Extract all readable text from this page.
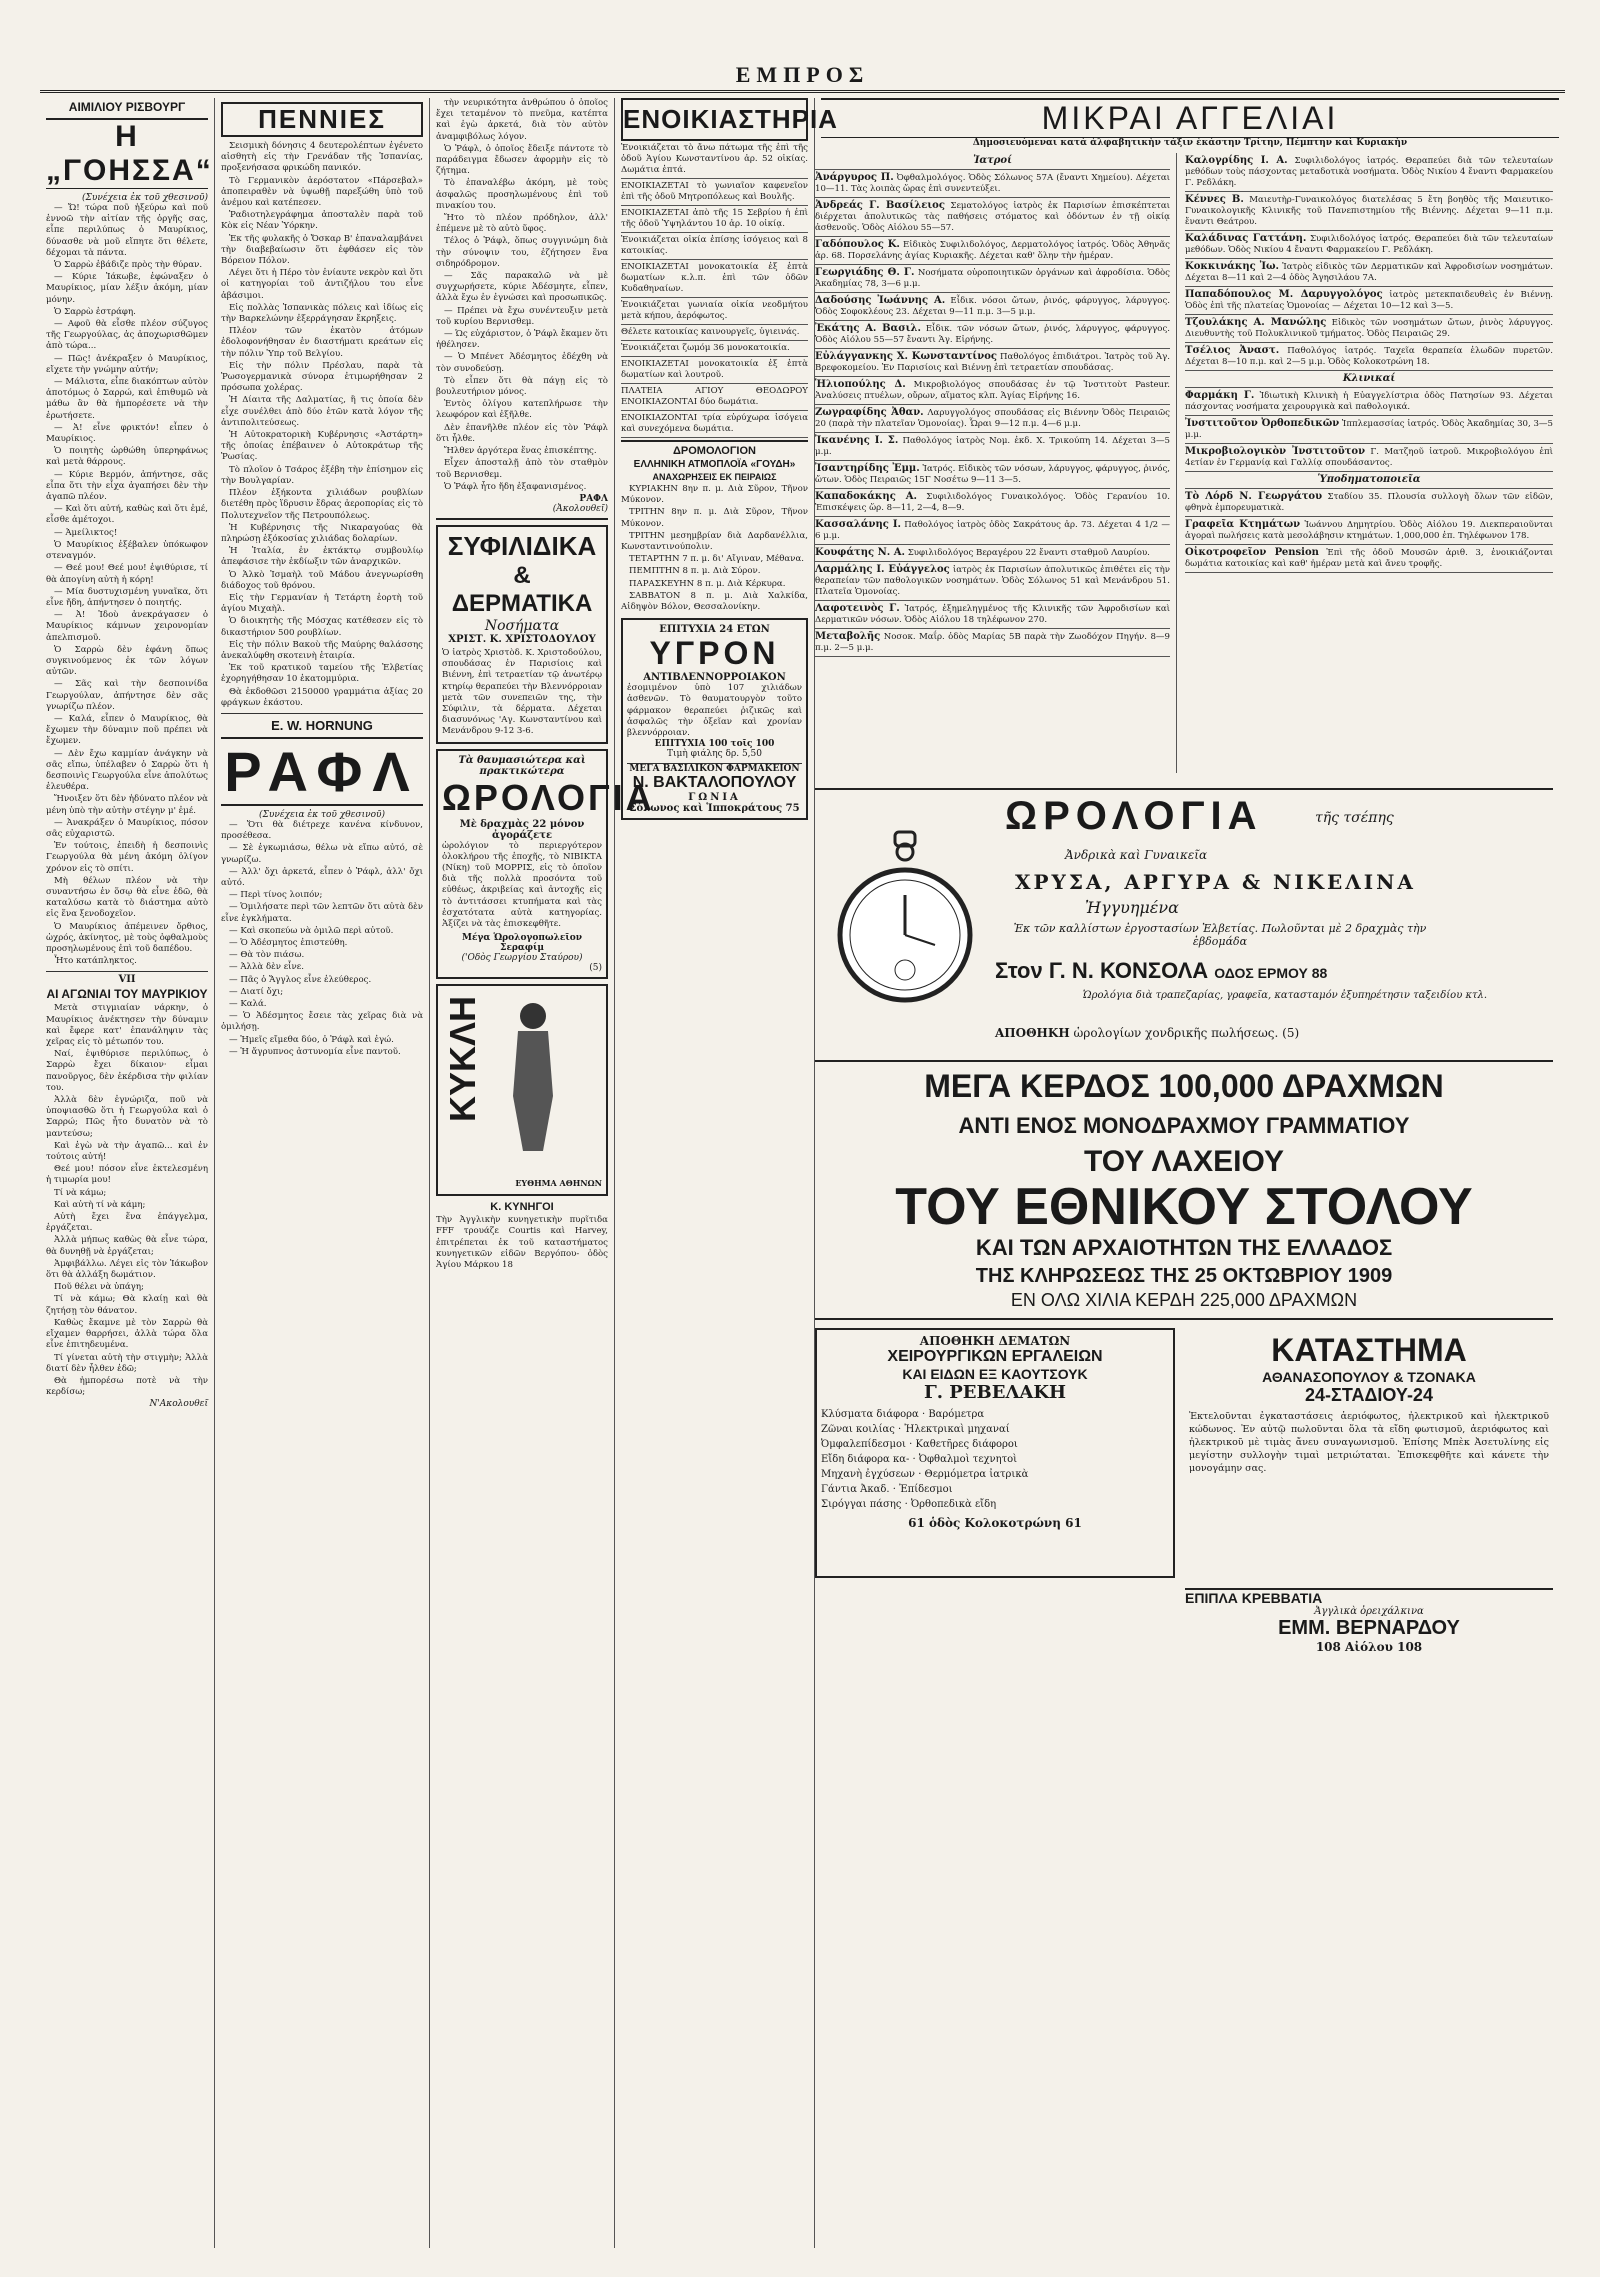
ΕΜΠΡΟΣ
ΑΙΜΙΛΙΟΥ ΡΙΣΒΟΥΡΓ
Η „ΓΟΗΣΣΑ“
(Συνέχεια ἐκ τοῦ χθεσινοῦ)

— Ὤ! τώρα ποῦ ἠξεύρω καὶ ποῦ ἐννοῶ τὴν αἰτίαν τῆς ὀργῆς σας, εἶπε περιλύπως ὁ Μαυρίκιος, δύνασθε νὰ μοῦ εἴπητε ὅτι θέλετε, δέχομαι τὰ πάντα.

Ὁ Σαρρὼ ἐβάδιζε πρὸς τὴν θύραν.

— Κύριε Ἰάκωβε, ἐφώναξεν ὁ Μαυρίκιος, μίαν λέξιν ἀκόμη, μίαν μόνην.

Ὁ Σαρρὼ ἐστράφη.

— Αφοῦ θὰ εἶσθε πλέον σύζυγος τῆς Γεωργούλας, ἀς ἀποχωρισθῶμεν ἀπὸ τώρα...

— Πῶς! ἀνέκραξεν ὁ Μαυρίκιος, εἴχετε τὴν γνώμην αὐτήν;

— Μάλιστα, εἶπε διακόπτων αὐτὸν ἀποτόμως ὁ Σαρρώ, καὶ ἐπιθυμῶ νὰ μάθω ἂν θὰ ἠμπορέσετε νὰ τὴν ἐρωτήσετε.

— Ἀ! εἶνε φρικτόν! εἶπεν ὁ Μαυρίκιος.

Ὁ ποιητὴς ὠρθώθη ὑπερηφάνως καὶ μετὰ θάρρους.

— Κύριε Βερμόν, ἀπήντησε, σᾶς εἶπα ὅτι τὴν εἶχα ἀγαπήσει δὲν τὴν ἀγαπῶ πλέον.

— Καὶ ὅτι αὐτή, καθὼς καὶ ὅτι ἐμέ, εἶσθε ἀμέτοχοι.

— Ἀμείλικτος!

Ὁ Μαυρίκιος ἐξέβαλεν ὑπόκωφον στεναγμόν.

— Θεέ μου! Θεέ μου! ἐψιθύρισε, τί θὰ ἀπογίνη αὐτὴ ἡ κόρη!

— Μία δυστυχισμένη γυναῖκα, ὅτι εἶνε ἤδη, ἀπήντησεν ὁ ποιητής.

— Ἀ! Ἰδοὺ ἀνεκράγασεν ὁ Μαυρίκιος κάμνων χειρονομίαν ἀπελπισμοῦ.

Ὁ Σαρρὼ δὲν ἐφάνη ὅπως συγκινούμενος ἐκ τῶν λόγων αὐτῶν.

— Σᾶς καὶ τὴν δεσποινίδα Γεωργούλαν, ἀπήντησε δὲν σᾶς γνωρίζω πλέον.

— Καλά, εἶπεν ὁ Μαυρίκιος, θὰ ἔχωμεν τὴν δύναμιν ποῦ πρέπει νὰ ἔχωμεν.

— Δὲν ἔχω καμμίαν ἀνάγκην νὰ σᾶς εἴπω, ὑπέλαβεν ὁ Σαρρὼ ὅτι ἡ δεσποινὶς Γεωργούλα εἶνε ἀπολύτως ἐλευθέρα.

Ἤνοιξεν ὅτι δὲν ἠδύνατο πλέον νὰ μένη ὑπὸ τὴν αὐτὴν στέγην μ' ἐμέ.

— Ἀνακράξεν ὁ Μαυρίκιος, πόσον σᾶς εὐχαριστῶ.

Ἐν τούτοις, ἐπειδὴ ἡ δεσποινὶς Γεωργούλα θὰ μένη ἀκόμη ὀλίγον χρόνον εἰς τὸ σπίτι.

Μὴ θέλων πλέον νὰ τὴν συναντήσω ἐν ὅσῳ θὰ εἶνε ἐδῶ, θὰ καταλύσω κατὰ τὸ διάστημα αὐτὸ εἰς ἕνα ξενοδοχεῖον.

Ὁ Μαυρίκιος ἀπέμεινεν ὄρθιος, ὠχρός, ἀκίνητος, μὲ τοὺς ὀφθαλμοὺς προσηλωμένους ἐπὶ τοῦ δαπέδου.

Ἦτο κατάπληκτος.

VII
ΑΙ ΑΓΩΝΙΑΙ ΤΟΥ ΜΑΥΡΙΚΙΟΥ

Μετὰ στιγμιαίαν νάρκην, ὁ Μαυρίκιος ἀνέκτησεν τὴν δύναμιν καὶ ἔφερε κατ' ἐπανάληψιν τὰς χεῖρας εἰς τὸ μέτωπόν του.

Ναί, ἐψιθύρισε περιλύπως, ὁ Σαρρὼ ἔχει δίκαιον· εἶμαι πανοῦργος, δὲν ἐκέρδισα τὴν φιλίαν του.

Ἀλλὰ δὲν ἐγνώριζα, ποῦ νὰ ὑποψιασθῶ ὅτι ἡ Γεωργούλα καὶ ὁ Σαρρώ; Πῶς ἦτο δυνατὸν νὰ τὸ μαντεύσω;

Καὶ ἐγὼ νὰ τὴν ἀγαπῶ... καὶ ἐν τούτοις αὐτή!

Θεέ μου! πόσον εἶνε ἐκτελεσμένη ἡ τιμωρία μου!

Τί νὰ κάμω;

Καὶ αὐτὴ τί νὰ κάμη;

Αὐτὴ ἔχει ἕνα ἐπάγγελμα, ἐργάζεται.

Ἀλλὰ μήπως καθὼς θὰ εἶνε τώρα, θὰ δυνηθῇ νὰ ἐργάζεται;

Ἀμφιβάλλω. Λέγει εἰς τὸν Ἰάκωβον ὅτι θὰ ἀλλάξη δωμάτιον.

Ποῦ θέλει νὰ ὑπάγη;

Τί νὰ κάμω; Θὰ κλαίῃ καὶ θὰ ζητήσῃ τὸν θάνατον.

Καθὼς ἔκαμνε μὲ τὸν Σαρρὼ θὰ εἴχαμεν θαρρήσει, ἀλλὰ τώρα ὅλα εἶνε ἐπιτηδευμένα.

Τί γίνεται αὐτὴ τὴν στιγμὴν; Ἀλλὰ διατί δὲν ἦλθεν ἐδῶ;

Θὰ ἠμπορέσω ποτὲ νὰ τὴν κερδίσω;

Ν'Ακολουθεῖ
ΠΕΝΝΙΕΣ

Σεισμικὴ δόνησις 4 δευτερολέπτων ἐγένετο αἰσθητὴ εἰς τὴν Γρενάδαν τῆς Ἱσπανίας, προξενήσασα φρικώδη πανικόν.

Τὸ Γερμανικὸν ἀερόστατον «Πάρσεβαλ» ἀποπειραθὲν νὰ ὑψωθῇ παρεξώθη ὑπὸ τοῦ ἀνέμου καὶ κατέπεσεν.

Ῥαδιοτηλεγράφημα ἀποσταλὲν παρὰ τοῦ Κὸκ εἰς Νέαν Ὑόρκην.

Ἐκ τῆς φυλακῆς ὁ Ὄσκαρ Β' ἐπαναλαμβάνει τὴν διαβεβαίωσιν ὅτι ἐφθάσεν εἰς τὸν Βόρειον Πόλον.

Λέγει ὅτι ἡ Πέρο τὸν ἐνίαυτε νεκρὸν καὶ ὅτι οἱ κατηγορίαι τοῦ ἀντιζήλου του εἶνε ἀβάσιμοι.

Εἰς πολλὰς Ἱσπανικὰς πόλεις καὶ ἰδίως εἰς τὴν Βαρκελώνην ἐξερράγησαν ἔκρηξεις.

Πλέον τῶν ἑκατὸν ἀτόμων ἐδολοφονήθησαν ἐν διαστήματι κρεάτων εἰς τὴν πόλιν Ὑπρ τοῦ Βελγίου.

Εἰς τὴν πόλιν Πρέσλαυ, παρὰ τὰ Ῥωσογερμανικὰ σύνορα ἐτιμωρήθησαν 2 πρόσωπα χολέρας.

Ἡ Δίαιτα τῆς Δαλματίας, ἣ τις ὁποία δὲν εἶχε συνέλθει ἀπὸ δύο ἐτῶν κατὰ λόγον τῆς ἀντιπολιτεύσεως.

Ἡ Αὐτοκρατορικὴ Κυβέρνησις «Ἀστάρτη» τῆς ὁποίας ἐπέβαινεν ὁ Αὐτοκράτωρ τῆς Ῥωσίας.

Τὸ πλοῖον ὁ Τσάρος ἐξέβη τὴν ἐπίσημον εἰς τὴν Βουλγαρίαν.

Πλέον ἑξήκοντα χιλιάδων ρουβλίων διετέθη πρὸς ἵδρυσιν ἔδρας ἀεροπορίας εἰς τὸ Πολυτεχνεῖον τῆς Πετρουπόλεως.

Ἡ Κυβέρνησις τῆς Νικαραγούας θὰ πληρώσῃ ἐξόκοσίας χιλιάδας δολαρίων.

Ἡ Ἰταλία, ἐν ἐκτάκτῳ συμβουλίῳ ἀπεφάσισε τὴν ἐκδίωξιν τῶν ἀναρχικῶν.

Ὁ Ἀλκὸ Ἰσμαὴλ τοῦ Μάδου ἀνεγνωρίσθη διάδοχος τοῦ θρόνου.

Εἰς τὴν Γερμανίαν ἡ Τετάρτη ἑορτὴ τοῦ ἁγίου Μιχαὴλ.

Ὁ διοικητὴς τῆς Μόσχας κατέθεσεν εἰς τὸ δικαστήριον 500 ρουβλίων.

Εἰς τὴν πόλιν Βακοὺ τῆς Μαύρης θαλάσσης ἀνεκαλύφθη σκοτεινὴ ἑταιρία.

Ἐκ τοῦ κρατικοῦ ταμείου τῆς Ἑλβετίας ἐχορηγήθησαν 10 ἑκατομμύρια.

Θὰ ἐκδοθῶσι 2150000 γραμμάτια ἀξίας 20 φράγκων ἑκάστου.

E. W. HORNUNG
ΡΑΦΛ
(Συνέχεια ἐκ τοῦ χθεσινοῦ)

— Ὅτι θὰ διέτρεχε κανένα κίνδυνον, προσέθεσα.

— Σὲ ἐγκωμιάσω, θέλω νὰ εἴπω αὐτό, σὲ γνωρίζω.

— Ἀλλ' ὄχι ἀρκετά, εἶπεν ὁ Ῥάφλ, ἀλλ' ὄχι αὐτό.

— Περὶ τίνος λοιπόν;

— Ὁμιλήσατε περὶ τῶν λεπτῶν ὅτι αὐτὰ δὲν εἶνε ἐγκλήματα.

— Καὶ σκοπεύω νὰ ὁμιλῶ περὶ αὐτοῦ.

— Ὁ Ἀδέσμητος ἐπιστεύθη.

— Θὰ τὸν πιάσω.

— Ἀλλὰ δὲν εἶνε.

— Πᾶς ὁ Ἄγγλος εἶνε ἐλεύθερος.

— Διατί ὄχι;

— Καλά.

— Ὁ Ἀδέσμητος ἔσειε τὰς χεῖρας διὰ νὰ ὁμιλήσῃ.

— Ἡμεῖς εἴμεθα δύο, ὁ Ῥάφλ καὶ ἐγώ.

— Ἡ ἄγρυπνος ἀστυνομία εἶνε παντοῦ.

τὴν νευρικότητα ἀνθρώπου ὁ ὁποῖος ἔχει τεταμένον τὸ πνεῦμα, κατέπτα καὶ ἐγὼ ἀρκετά, διὰ τὸν αὐτὸν ἀναμφιβόλως λόγον.

Ὁ Ῥάφλ, ὁ ὁποῖος ἔδειξε πάντοτε τὸ παράδειγμα ἔδωσεν ἀφορμὴν εἰς τὸ ζήτημα.

Τὸ ἐπαναλέβω ἀκόμη, μὲ τοὺς ἀσφαλῶς προσηλωμένους ἐπὶ τοῦ πινακίου του.

Ἤτο τὸ πλέον πρόδηλον, ἀλλ' ἐπέμενε μὲ τὸ αὐτὸ ὕφος.

Τέλος ὁ Ῥάφλ, ὅπως συγγινώμη διὰ τὴν σύνοψιν του, ἐζήτησεν ἕνα σιδηρόδρομον.

— Σᾶς παρακαλῶ νὰ μὲ συγχωρήσετε, κύριε Ἀδέσμητε, εἶπεν, ἀλλὰ ἔχω ἐν ἐγνώσει καὶ προσωπικῶς.

— Πρέπει νὰ ἔχω συνέντευξιν μετὰ τοῦ κυρίου Βερνισθεμ.

— Ὡς εὐχάριστον, ὁ Ῥάφλ ἔκαμεν ὅτι ἠθέλησεν.

— Ὁ Μπένετ Ἀδέσμητος ἐδέχθη νὰ τὸν συνοδεύσῃ.

Τὸ εἶπεν ὅτι θὰ πάγῃ εἰς τὸ βουλευτήριον μόνος.

Ἐντὸς ὀλίγου κατεπλήρωσε τὴν λεωφόρον καὶ ἐξῆλθε.

Δὲν ἐπανῆλθε πλέον εἰς τὸν Ῥάφλ ὅτι ἦλθε.

Ἤλθεν ἀργότερα ἕνας ἐπισκέπτης.

Εἶχεν ἀποσταλῇ ἀπὸ τὸν σταθμὸν τοῦ Βερνισθεμ.

Ὁ Ῥάφλ ἦτο ἤδη ἐξαφανισμένος.

ΡΑΦΛ
(Ἀκολουθεῖ)
ΣΥΦΙΛΙΔΙΚΑ
& ΔΕΡΜΑΤΙΚΑ
Νοσήματα
ΧΡΙΣΤ. Κ. ΧΡΙΣΤΟΔΟΥΛΟΥ
Ὁ ἰατρὸς Χριστὸδ. Κ. Χριστοδούλου, σπουδάσας ἐν Παρισίοις καὶ Βιέννη, ἐπὶ τετραετίαν τῷ ἀνωτέρῳ κτηρίῳ θεραπεύει τὴν Βλεννόρροιαν μετὰ τῶν συνεπειῶν της, τὴν Σύφιλιν, τὰ δέρματα. Δέχεται διασυνόνως 'Αγ. Κωνσταντίνου καὶ Μενάνδρου 9-12 3-6.
Τὰ θαυμασιώτερα καὶ πρακτικώτερα
ΩΡΟΛΟΓΙΑ
Μὲ δραχμὰς 22 μόνον ἀγοράζετε
ὡρολόγιον τὸ περιεργότερον ὁλοκλήρου τῆς ἐποχῆς, τὸ ΝΙΒΙΚΤΑ (Νίκη) τοῦ ΜΟΡΡΙΣ, εἰς τὸ ὁποῖον διὰ τῆς πολλὰ προσόντα τοῦ εὐθέως, ἀκριβείας καὶ ἀντοχῆς εἰς τὸ ἀντιτάσσει κτυπήματα καὶ τὰς ἐσχατότατα αὐτὰ κατηγορίας. Ἀξίζει νὰ τὰς ἐπισκεφθῆτε.
Μέγα Ὡρολογοπωλεῖον Σεραφίμ
('Οδὸς Γεωργίου Σταύρου)
(5)
ΚΥΚΛΗ
ΕΥΘΗΜΑ ΑΘΗΝΩΝ
Κ. ΚΥΝΗΓΟΙ
Τὴν Ἀγγλικὴν κυνηγετικὴν πυρῖτιδα FFF τρουάζε Courtis καὶ Harvey, ἐπιτρέπεται ἐκ τοῦ καταστήματος κυνηγετικῶν εἰδῶν Βεργόπου- ὁδὸς Ἁγίου Μάρκου 18
ΕΝΟΙΚΙΑΣΤΗΡΙΑ
Ἐνοικιάζεται τὸ ἄνω πάτωμα τῆς ἐπὶ τῆς ὁδοῦ Ἁγίου Κωνσταντίνου ἀρ. 52 οἰκίας. Δωμάτια ἑπτά.
ΕΝΟΙΚΙΑΖΕΤΑΙ τὸ γωνιαῖον καφενεῖον ἐπὶ τῆς ὁδοῦ Μητροπόλεως καὶ Βουλῆς.
ΕΝΟΙΚΙΑΖΕΤΑΙ ἀπὸ τῆς 15 Σεβρίου ἡ ἐπὶ τῆς ὁδοῦ Ὑψηλάντου 10 ἀρ. 10 οἰκίᾳ.
Ἐνοικιάζεται οἰκία ἐπίσης ἰσόγειος καὶ 8 κατοικίας.
ΕΝΟΙΚΙΑΖΕΤΑΙ μονοκατοικία ἐξ ἑπτὰ δωματίων κ.λ.π. ἐπὶ τῶν ὁδῶν Κυδαθηναίων.
Ἐνοικιάζεται γωνιαία οἰκία νεοδμήτου μετὰ κήπου, ἀερόφωτος.
Θέλετε κατοικίας καινουργεῖς, ὑγιεινάς.
Ἐνοικιάζεται ζωμόμ 36 μονοκατοικία.
ΕΝΟΙΚΙΑΖΕΤΑΙ μονοκατοικία ἐξ ἑπτὰ δωματίων καὶ λουτροῦ.
ΠΛΑΤΕΙΑ ΑΓΙΟΥ ΘΕΟΔΩΡΟΥ ΕΝΟΙΚΙΑΖΟΝΤΑΙ δύο δωμάτια.
ΕΝΟΙΚΙΑΖΟΝΤΑΙ τρία εὐρύχωρα ἰσόγεια καὶ συνεχόμενα δωμάτια.
ΔΡΟΜΟΛΟΓΙΟΝ
ΕΛΛΗΝΙΚΗ ΑΤΜΟΠΛΟΪΑ «ΓΟΥΔΗ»
ΑΝΑΧΩΡΗΣΕΙΣ ΕΚ ΠΕΙΡΑΙΩΣ

ΚΥΡΙΑΚΗΝ 8ην π. μ. Διὰ Σῦρον, Τῆνον Μύκονον.

ΤΡΙΤΗΝ 8ην π. μ. Διὰ Σῦρον, Τῆνον Μύκονον.

ΤΡΙΤΗΝ μεσημβρίαν διὰ Δαρδανέλλια, Κωνσταντινούπολιν.

ΤΕΤΑΡΤΗΝ 7 π. μ. δι' Αἴγιναν, Μέθανα.

ΠΕΜΠΤΗΝ 8 π. μ. Διὰ Σύρον.

ΠΑΡΑΣΚΕΥΗΝ 8 π. μ. Διὰ Κέρκυρα.

ΣΑΒΒΑΤΟΝ 8 π. μ. Διὰ Χαλκίδα, Αἰδηψὸν Βόλον, Θεσσαλονίκην.

ΕΠΙΤΥΧΙΑ 24 ΕΤΩΝ
ΥΓΡΟΝ
ΑΝΤΙΒΛΕΝΝΟΡΡΟΙΑΚΟΝ
ἐσομιμένον ὑπὸ 107 χιλιάδων ἀσθενῶν. Τὸ θαυματουργὸν τοῦτο φάρμακον θεραπεύει ῥιζικῶς καὶ ἀσφαλῶς τὴν ὀξεῖαν καὶ χρονίαν βλεννόρροιαν.
ΕΠΙΤΥΧΙΑ 100 τοῖς 100
Τιμὴ φιάλης δρ. 5,50
ΜΕΓΑ ΒΑΣΙΛΙΚΟΝ ΦΑΡΜΑΚΕΙΟΝ
Ν. ΒΑΚΤΑΛΟΠΟΥΛΟΥ
ΓΩΝΙΑ
Σόλωνος καὶ Ἱπποκράτους 75
ΜΙΚΡΑΙ ΑΓΓΕΛΙΑΙ
Δημοσιευόμεναι κατὰ ἀλφαβητικὴν τάξιν ἑκάστην Τρίτην, Πέμπτην καὶ Κυριακὴν
Ἰατροί
Ἀνάργυρος Π. Ὀφθαλμολόγος. Ὁδὸς Σόλωνος 57Α (ἔναντι Χημείου). Δέχεται 10—11. Τὰς λοιπὰς ὥρας ἐπὶ συνεντεύξει.
Ἀνδρεάς Γ. Βασίλειος Σεματολόγος ἰατρὸς ἐκ Παρισίων ἐπισκέπτεται διέρχεται ἀπολυτικῶς τὰς παθήσεις στόματος καὶ ὀδόντων ἐν τῇ οἰκίᾳ ἀσθενοῦς. Ὁδὸς Αἰόλου 55—57.
Γαδόπουλος Κ. Εἰδικὸς Συφιλιδολόγος, Δερματολόγος ἰατρός. Ὁδὸς Ἀθηνᾶς ἀρ. 68. Πορσελάνης ἁγίας Κυριακῆς. Δέχεται καθ' ὅλην τὴν ἡμέραν.
Γεωργιάδης Θ. Γ. Νοσήματα οὐροποιητικῶν ὀργάνων καὶ ἀφροδίσια. Ὁδὸς Ἀκαδημίας 78, 3—6 μ.μ.
Δαδούσης Ἰωάννης Α. Εἶδικ. νόσοι ὤτων, ῥινός, φάρυγγος, λάρυγγος. Ὁδὸς Σοφοκλέους 23. Δέχεται 9—11 π.μ. 3—5 μ.μ.
Ἐκάτης Α. Βασιλ. Εἶδικ. τῶν νόσων ὤτων, ῥινός, λάρυγγος, φάρυγγος. Ὁδὸς Αἰόλου 55—57 ἔναντι Ἁγ. Εἰρήνης.
Εὐλάγγανκης Χ. Κωνσταντίνος Παθολόγος ἐπιδιάτροι. Ἰατρὸς τοῦ Ἀγ. Βρεφοκομείου. Ἐν Παρισίοις καὶ Βιέννῃ ἐπὶ τετραετίαν σπουδάσας.
Ἡλιοπούλης Δ. Μικροβιολόγος σπουδάσας ἐν τῷ Ἰνστιτοὺτ Pasteur. Ἀναλύσεις πτυέλων, οὔρων, αἵματος κλπ. Ἁγίας Εἰρήνης 16.
Ζωγραφίδης Ἀθαν. Λαρυγγολόγος σπουδάσας εἰς Βιέννην Ὁδὸς Πειραιῶς 20 (παρὰ τὴν πλατεῖαν Ὁμονοίας). Ὧραι 9—12 π.μ. 4—6 μ.μ.
Ἰκανένης Ι. Σ. Παθολόγος ἰατρὸς Νομ. ἐκδ. Χ. Τρικούπη 14. Δέχεται 3—5 μ.μ.
Ἰσαντηρίδης Ἐμμ. Ἰατρός. Εἰδικὸς τῶν νόσων, λάρυγγος, φάρυγγος, ῥινός, ὤτων. Ὁδὸς Πειραιῶς 15Γ Νοσέτω 9—11 3—5.
Καπαδοκάκης Α. Συφιλιδολόγος Γυναικολόγος. Ὁδὸς Γερανίου 10. Ἐπισκέψεις ὥρ. 8—11, 2—4, 8—9.
Κασσαλάνης Ι. Παθολόγος ἰατρὸς ὁδὸς Σακράτους ἀρ. 73. Δέχεται 4 1/2 — 6 μ.μ.
Κουφάτης Ν. Α. Συφιλιδολόγος Βεραγέρου 22 ἔναντι σταθμοῦ Λαυρίου.
Λαρμάλης Ι. Εὐάγγελος ἰατρὸς ἐκ Παρισίων ἀπολυτικῶς ἐπιθέτει εἰς τὴν θεραπείαν τῶν παθολογικῶν νοσημάτων. Ὁδὸς Σόλωνος 51 καὶ Μενάνδρου 51. Πλατεῖα Ὁμονοίας.
Λαφοτεινὸς Γ. Ἰατρός, ἐξημεληγμένος τῆς Κλινικῆς τῶν Ἀφροδισίων καὶ Δερματικῶν νόσων. Ὁδὸς Αἰόλου 18 τηλέφωνον 270.
Μεταβολῆς Νοσοκ. Μαΐρ. ὁδὸς Μαρίας 5Β παρὰ τὴν Ζωοδόχον Πηγήν. 8—9 π.μ. 2—5 μ.μ.
Καλογρίδης Ι. Α. Συφιλιδολόγος ἰατρός. Θεραπεύει διὰ τῶν τελευταίων μεθόδων τοὺς πάσχοντας μεταδοτικὰ νοσήματα. Ὁδὸς Νικίου 4 ἔναντι Φαρμακείου Γ. Ρεδλάκη.
Κέννες Β. Μαιευτὴρ-Γυναικολόγος διατελέσας 5 ἔτη βοηθὸς τῆς Μαιευτικο-Γυναικολογικῆς Κλινικῆς τοῦ Πανεπιστημίου τῆς Βιέννης. Δέχεται 9—11 π.μ. ἔναντι Θεάτρου.
Καλάδινας Γαττάνη. Συφιλιδολόγος ἰατρός. Θεραπεύει διὰ τῶν τελευταίων μεθόδων. Ὁδὸς Νικίου 4 ἔναντι Φαρμακείου Γ. Ρεδλάκη.
Κοκκινάκης Ἰω. Ἰατρὸς εἰδικὸς τῶν Δερματικῶν καὶ Ἀφροδισίων νοσημάτων. Δέχεται 8—11 καὶ 2—4 ὁδὸς Ἀγησιλάου 7Α.
Παπαδόπουλος Μ. Δαρυγγολόγος ἰατρὸς μετεκπαιδευθεὶς ἐν Βιέννῃ. Ὁδὸς ἐπὶ τῆς πλατείας Ὁμονοίας — Δέχεται 10—12 καὶ 3—5.
Τζουλάκης Α. Μανώλης Εἰδικὸς τῶν νοσημάτων ὤτων, ῥινὸς λάρυγγος. Διευθυντὴς τοῦ Πολυκλινικοῦ τμήματος. Ὁδὸς Πειραιῶς 29.
Τσέλιος Ἀναστ. Παθολόγος ἰατρός. Ταχεῖα θεραπεία ἑλωδῶν πυρετῶν. Δέχεται 8—10 π.μ. καὶ 2—5 μ.μ. Ὁδὸς Κολοκοτρώνη 18.
Κλινικαί
Φαρμάκη Γ. Ἰδιωτικὴ Κλινικὴ ἡ Εὐαγγελίστρια ὁδὸς Πατησίων 93. Δέχεται πάσχοντας νοσήματα χειρουργικὰ καὶ παθολογικά.
Ἰνστιτοῦτον Ὀρθοπεδικῶν Ἱππλεμασσίας ἰατρός. Ὁδὸς Ἀκαδημίας 30, 3—5 μ.μ.
Μικροβιολογικὸν Ἰνστιτοῦτον Γ. Ματζηοῦ ἰατροῦ. Μικροβιολόγου ἐπὶ 4ετίαν ἐν Γερμανίᾳ καὶ Γαλλίᾳ σπουδάσαντος.
Ὑποδηματοποιεῖα
Τὸ Λόρδ Ν. Γεωργάτου Σταδίου 35. Πλουσία συλλογὴ ὅλων τῶν εἰδῶν, φθηνὰ ἐμπορευματικὰ.
Γραφεῖα Κτημάτων Ἰωάννου Δημητρίου. Ὁδὸς Αἰόλου 19. Διεκπεραιοῦνται ἀγοραὶ πωλήσεις κατὰ μεσολάβησιν κτημάτων. 1,000,000 ἐπ. Τηλέφωνον 178.
Οἰκοτροφεῖον Pension Ἐπὶ τῆς ὁδοῦ Μουσῶν ἀριθ. 3, ἐνοικιάζονται δωμάτια κατοικίας καὶ καθ' ἡμέραν μετὰ καὶ ἄνευ τροφῆς.
ΩΡΟΛΟΓΙΑ	τῆς τσέπης
Ἀνδρικὰ καὶ Γυναικεῖα
ΧΡΥΣΑ, ΑΡΓΥΡΑ & ΝΙΚΕΛΙΝΑ
Ἠγγυημένα
Ἐκ τῶν καλλίστων ἐργοστασίων Ἑλβετίας. Πωλοῦνται μὲ 2 δραχμὰς τὴν ἑβδομάδα
Στον Γ. Ν. ΚΟΝΣΟΛΑ ΟΔΟΣ ΕΡΜΟΥ 88
Ὡρολόγια διὰ τραπεζαρίας, γραφεῖα, κατασταμόν ἐξυπηρέτησιν ταξειδίου κτλ.
ΑΠΟΘΗΚΗ ὡρολογίων χονδρικῆς πωλήσεως. (5)
ΜΕΓΑ ΚΕΡΔΟΣ 100,000 ΔΡΑΧΜΩΝ
ΑΝΤΙ ΕΝΟΣ ΜΟΝΟΔΡΑΧΜΟΥ ΓΡΑΜΜΑΤΙΟΥ
ΤΟΥ ΛΑΧΕΙΟΥ
ΤΟΥ ΕΘΝΙΚΟΥ ΣΤΟΛΟΥ
ΚΑΙ ΤΩΝ ΑΡΧΑΙΟΤΗΤΩΝ ΤΗΣ ΕΛΛΑΔΟΣ
ΤΗΣ ΚΛΗΡΩΣΕΩΣ ΤΗΣ 25 ΟΚΤΩΒΡΙΟΥ 1909
ΕΝ ΟΛΩ ΧΙΛΙΑ ΚΕΡΔΗ 225,000 ΔΡΑΧΜΩΝ
ΑΠΟΘΗΚΗ ΔΕΜΑΤΩΝ
ΧΕΙΡΟΥΡΓΙΚΩΝ ΕΡΓΑΛΕΙΩΝ
ΚΑΙ ΕΙΔΩΝ ΕΞ ΚΑΟΥΤΣΟΥΚ
Γ. ΡΕΒΕΛΑΚΗ
Κλύσματα διάφορα · Βαρόμετρα
Ζῶναι κοιλίας · Ἠλεκτρικαὶ μηχαναί
Ὀμφαλεπίδεσμοι · Καθετῆρες διάφοροι
Εἴδη διάφορα κα- · Ὀφθαλμοὶ τεχνητοὶ
Μηχανὴ ἐγχύσεων · Θερμόμετρα ἰατρικὰ
Γάντια Ἀκαδ. · Ἐπίδεσμοι
Σιρόγγαι πάσης · Ὀρθοπεδικὰ εἴδη
61 ὁδὸς Κολοκοτρώνη 61
ΚΑΤΑΣΤΗΜΑ
ΑΘΑΝΑΣΟΠΟΥΛΟΥ & ΤΖΟΝΑΚΑ
24-ΣΤΑΔΙΟΥ-24
Ἐκτελοῦνται ἐγκαταστάσεις ἀεριόφωτος, ἠλεκτρικοῦ καὶ ἠλεκτρικοῦ κώδωνος. Ἐν αὐτῷ πωλοῦνται ὅλα τὰ εἴδη φωτισμοῦ, ἀεριόφωτος καὶ ἠλεκτρικοῦ μὲ τιμὰς ἄνευ συναγωνισμοῦ. Ἐπίσης Μπὲκ Ἀσετυλίνης εἰς μεγίστην συλλογὴν τιμαὶ μετριώταται. Ἐπισκεφθῆτε καὶ κάνετε τὴν μονογάμην σας.
ΕΠΙΠΛΑ ΚΡΕΒΒΑΤΙΑ
Ἀγγλικὰ ὀρειχάλκινα
ΕΜΜ. ΒΕΡΝΑΡΔΟΥ
108 Αἰόλου 108
